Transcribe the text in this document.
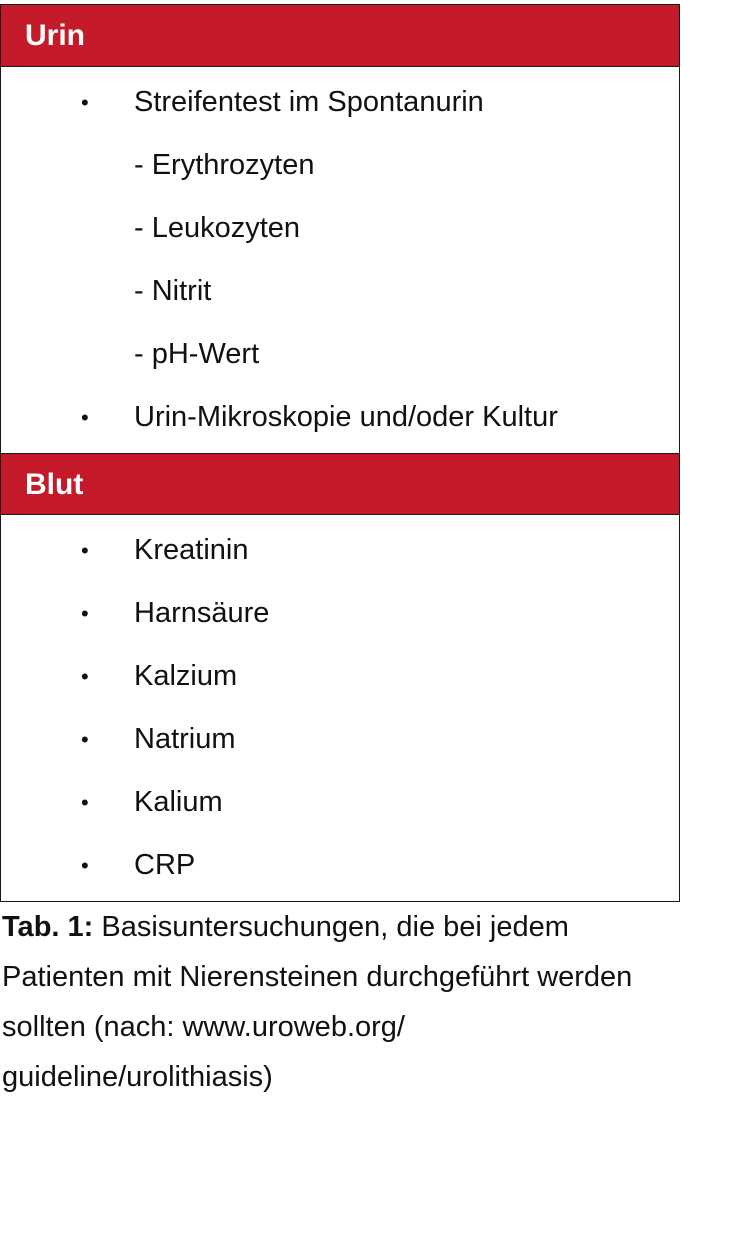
Urin
• Streifentest im Spontanurin
- Erythrozyten
- Leukozyten
- Nitrit
- pH-Wert
• Urin-Mikroskopie und/oder Kultur
Blut
• Kreatinin
• Harnsäure
• Kalzium
• Natrium
• Kalium
• CRP
Tab. 1: Basisuntersuchungen, die bei jedem Patienten mit Nierensteinen durchgeführt werden sollten (nach: www.uroweb.org/ guideline/urolithiasis)
